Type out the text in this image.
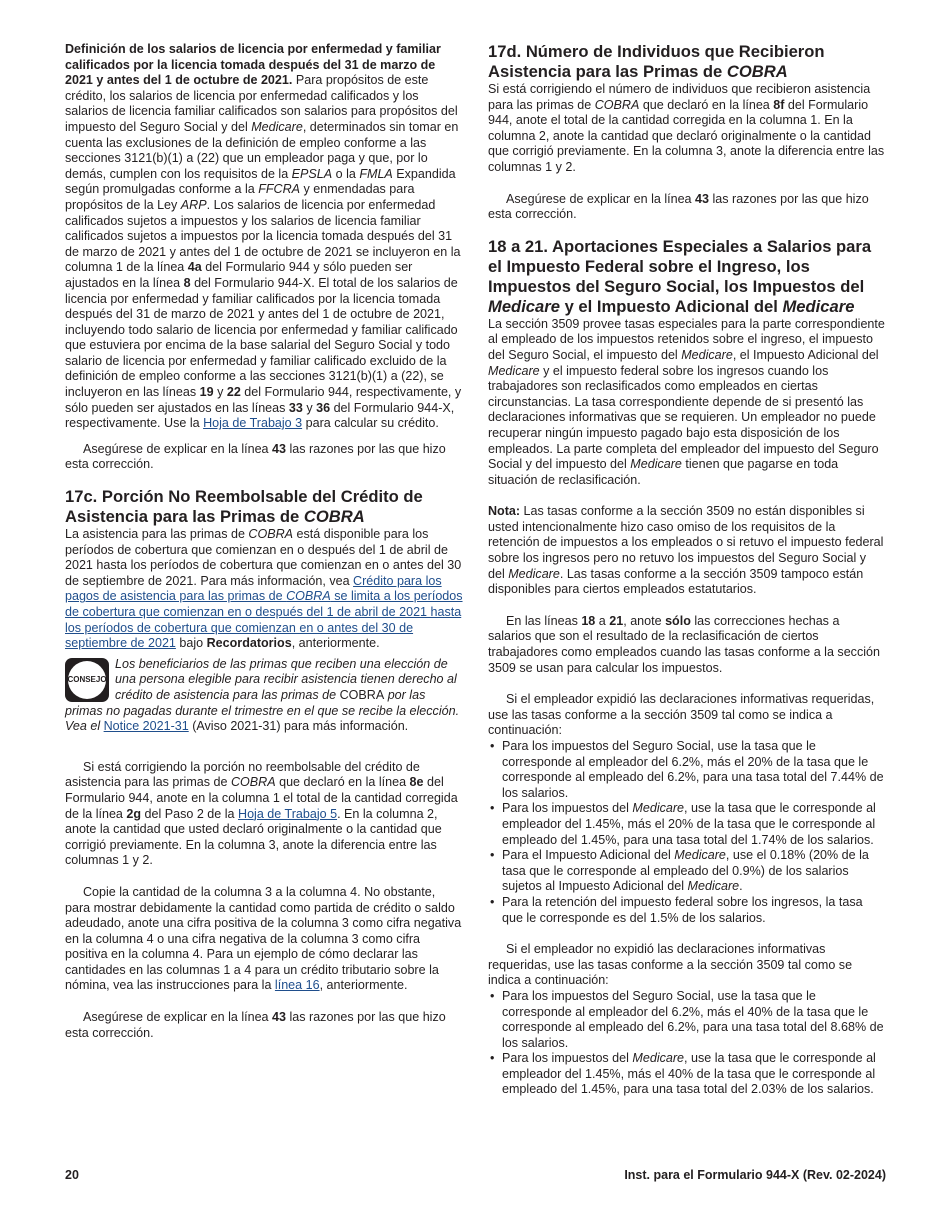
Definición de los salarios de licencia por enfermedad y familiar calificados por la licencia tomada después del 31 de marzo de 2021 y antes del 1 de octubre de 2021. Para propósitos de este crédito, los salarios de licencia por enfermedad calificados y los salarios de licencia familiar calificados son salarios para propósitos del impuesto del Seguro Social y del Medicare, determinados sin tomar en cuenta las exclusiones de la definición de empleo conforme a las secciones 3121(b)(1) a (22) que un empleador paga y que, por lo demás, cumplen con los requisitos de la EPSLA o la FMLA Expandida según promulgadas conforme a la FFCRA y enmendadas para propósitos de la Ley ARP. Los salarios de licencia por enfermedad calificados sujetos a impuestos y los salarios de licencia familiar calificados sujetos a impuestos por la licencia tomada después del 31 de marzo de 2021 y antes del 1 de octubre de 2021 se incluyeron en la columna 1 de la línea 4a del Formulario 944 y sólo pueden ser ajustados en la línea 8 del Formulario 944-X. El total de los salarios de licencia por enfermedad y familiar calificados por la licencia tomada después del 31 de marzo de 2021 y antes del 1 de octubre de 2021, incluyendo todo salario de licencia por enfermedad y familiar calificado que estuviera por encima de la base salarial del Seguro Social y todo salario de licencia por enfermedad y familiar calificado excluido de la definición de empleo conforme a las secciones 3121(b)(1) a (22), se incluyeron en las líneas 19 y 22 del Formulario 944, respectivamente, y sólo pueden ser ajustados en las líneas 33 y 36 del Formulario 944-X, respectivamente. Use la Hoja de Trabajo 3 para calcular su crédito.

Asegúrese de explicar en la línea 43 las razones por las que hizo esta corrección.

17c. Porción No Reembolsable del Crédito de Asistencia para las Primas de COBRA

La asistencia para las primas de COBRA está disponible para los períodos de cobertura que comienzan en o después del 1 de abril de 2021 hasta los períodos de cobertura que comienzan en o antes del 30 de septiembre de 2021. Para más información, vea Crédito para los pagos de asistencia para las primas de COBRA se limita a los períodos de cobertura que comienzan en o después del 1 de abril de 2021 hasta los períodos de cobertura que comienzan en o antes del 30 de septiembre de 2021 bajo Recordatorios, anteriormente.

CONSEJO

Los beneficiarios de las primas que reciben una elección de una persona elegible para recibir asistencia tienen derecho al crédito de asistencia para las primas de COBRA por las primas no pagadas durante el trimestre en el que se recibe la elección. Vea el Notice 2021-31 (Aviso 2021-31) para más información.

Si está corrigiendo la porción no reembolsable del crédito de asistencia para las primas de COBRA que declaró en la línea 8e del Formulario 944, anote en la columna 1 el total de la cantidad corregida de la línea 2g del Paso 2 de la Hoja de Trabajo 5. En la columna 2, anote la cantidad que usted declaró originalmente o la cantidad que corrigió previamente. En la columna 3, anote la diferencia entre las columnas 1 y 2.

Copie la cantidad de la columna 3 a la columna 4. No obstante, para mostrar debidamente la cantidad como partida de crédito o saldo adeudado, anote una cifra positiva de la columna 3 como cifra negativa en la columna 4 o una cifra negativa de la columna 3 como cifra positiva en la columna 4. Para un ejemplo de cómo declarar las cantidades en las columnas 1 a 4 para un crédito tributario sobre la nómina, vea las instrucciones para la línea 16, anteriormente.

Asegúrese de explicar en la línea 43 las razones por las que hizo esta corrección.

17d. Número de Individuos que Recibieron Asistencia para las Primas de COBRA

Si está corrigiendo el número de individuos que recibieron asistencia para las primas de COBRA que declaró en la línea 8f del Formulario 944, anote el total de la cantidad corregida en la columna 1. En la columna 2, anote la cantidad que declaró originalmente o la cantidad que corrigió previamente. En la columna 3, anote la diferencia entre las columnas 1 y 2.

Asegúrese de explicar en la línea 43 las razones por las que hizo esta corrección.

18 a 21. Aportaciones Especiales a Salarios para el Impuesto Federal sobre el Ingreso, los Impuestos del Seguro Social, los Impuestos del Medicare y el Impuesto Adicional del Medicare

La sección 3509 provee tasas especiales para la parte correspondiente al empleado de los impuestos retenidos sobre el ingreso, el impuesto del Seguro Social, el impuesto del Medicare, el Impuesto Adicional del Medicare y el impuesto federal sobre los ingresos cuando los trabajadores son reclasificados como empleados en ciertas circunstancias. La tasa correspondiente depende de si presentó las declaraciones informativas que se requieren. Un empleador no puede recuperar ningún impuesto pagado bajo esta disposición de los empleados. La parte completa del empleador del impuesto del Seguro Social y del impuesto del Medicare tienen que pagarse en toda situación de reclasificación.

Nota: Las tasas conforme a la sección 3509 no están disponibles si usted intencionalmente hizo caso omiso de los requisitos de la retención de impuestos a los empleados o si retuvo el impuesto federal sobre los ingresos pero no retuvo los impuestos del Seguro Social y del Medicare. Las tasas conforme a la sección 3509 tampoco están disponibles para ciertos empleados estatutarios.

En las líneas 18 a 21, anote sólo las correcciones hechas a salarios que son el resultado de la reclasificación de ciertos trabajadores como empleados cuando las tasas conforme a la sección 3509 se usan para calcular los impuestos.

Si el empleador expidió las declaraciones informativas requeridas, use las tasas conforme a la sección 3509 tal como se indica a continuación:

• Para los impuestos del Seguro Social, use la tasa que le corresponde al empleador del 6.2%, más el 20% de la tasa que le corresponde al empleado del 6.2%, para una tasa total del 7.44% de los salarios.

• Para los impuestos del Medicare, use la tasa que le corresponde al empleador del 1.45%, más el 20% de la tasa que le corresponde al empleado del 1.45%, para una tasa total del 1.74% de los salarios.

• Para el Impuesto Adicional del Medicare, use el 0.18% (20% de la tasa que le corresponde al empleado del 0.9%) de los salarios sujetos al Impuesto Adicional del Medicare.

• Para la retención del impuesto federal sobre los ingresos, la tasa que le corresponde es del 1.5% de los salarios.

Si el empleador no expidió las declaraciones informativas requeridas, use las tasas conforme a la sección 3509 tal como se indica a continuación:

• Para los impuestos del Seguro Social, use la tasa que le corresponde al empleador del 6.2%, más el 40% de la tasa que le corresponde al empleado del 6.2%, para una tasa total del 8.68% de los salarios.

• Para los impuestos del Medicare, use la tasa que le corresponde al empleador del 1.45%, más el 40% de la tasa que le corresponde al empleado del 1.45%, para una tasa total del 2.03% de los salarios.

20	Inst. para el Formulario 944-X (Rev. 02-2024)
